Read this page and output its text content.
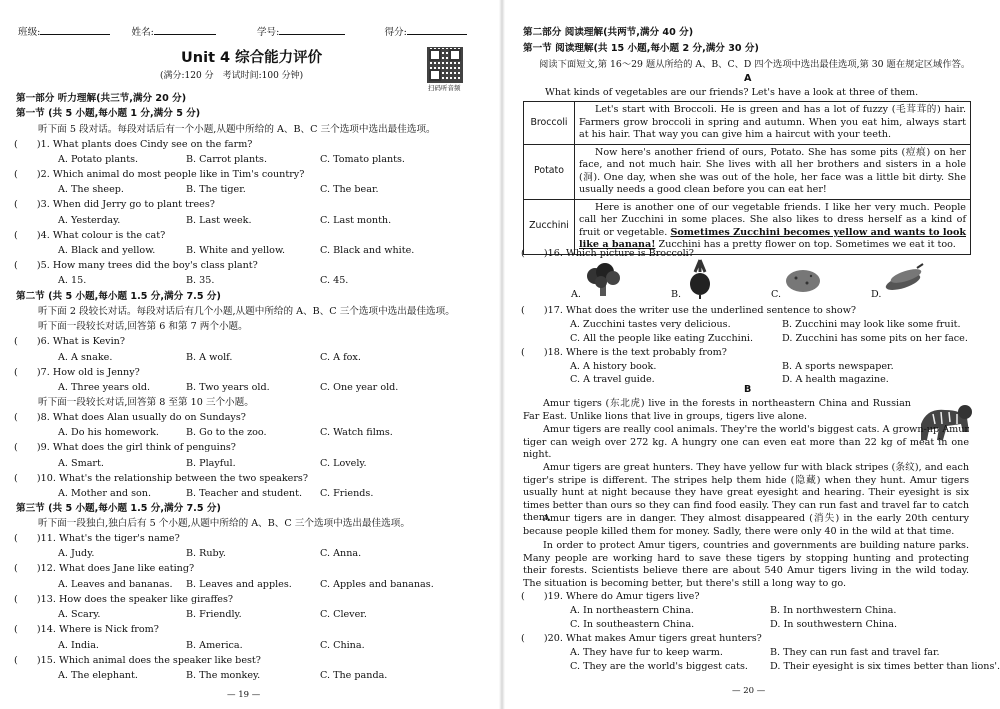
班级:	姓名:	学号:	得分:
Unit 4 综合能力评价
(满分:120 分　考试时间:100 分钟)
扫码听音频
第一部分 听力理解(共三节,满分 20 分)
第一节 (共 5 小题,每小题 1 分,满分 5 分)
听下面 5 段对话。每段对话后有一个小题,从题中所给的 A、B、C 三个选项中选出最佳选项。
(　　)1. What plants does Cindy see on the farm?
A. Potato plants.	B. Carrot plants.	C. Tomato plants.
(　　)2. Which animal do most people like in Tim's country?
A. The sheep.	B. The tiger.	C. The bear.
(　　)3. When did Jerry go to plant trees?
A. Yesterday.	B. Last week.	C. Last month.
(　　)4. What colour is the cat?
A. Black and yellow.	B. White and yellow.	C. Black and white.
(　　)5. How many trees did the boy's class plant?
A. 15.	B. 35.	C. 45.
第二节 (共 5 小题,每小题 1.5 分,满分 7.5 分)
听下面 2 段较长对话。每段对话后有几个小题,从题中所给的 A、B、C 三个选项中选出最佳选项。
听下面一段较长对话,回答第 6 和第 7 两个小题。
(　　)6. What is Kevin?
A. A snake.	B. A wolf.	C. A fox.
(　　)7. How old is Jenny?
A. Three years old.	B. Two years old.	C. One year old.
听下面一段较长对话,回答第 8 至第 10 三个小题。
(　　)8. What does Alan usually do on Sundays?
A. Do his homework.	B. Go to the zoo.	C. Watch films.
(　　)9. What does the girl think of penguins?
A. Smart.	B. Playful.	C. Lovely.
(　　)10. What's the relationship between the two speakers?
A. Mother and son.	B. Teacher and student. C. Friends.
第三节 (共 5 小题,每小题 1.5 分,满分 7.5 分)
听下面一段独白,独白后有 5 个小题,从题中所给的 A、B、C 三个选项中选出最佳选项。
(　　)11. What's the tiger's name?
A. Judy.	B. Ruby.	C. Anna.
(　　)12. What does Jane like eating?
A. Leaves and bananas. B. Leaves and apples.	C. Apples and bananas.
(　　)13. How does the speaker like giraffes?
A. Scary.	B. Friendly.	C. Clever.
(　　)14. Where is Nick from?
A. India.	B. America.	C. China.
(　　)15. Which animal does the speaker like best?
A. The elephant.	B. The monkey.	C. The panda.
— 19 —
第二部分 阅读理解(共两节,满分 40 分)
第一节 阅读理解(共 15 小题,每小题 2 分,满分 30 分)
阅读下面短文,第 16～29 题从所给的 A、B、C、D 四个选项中选出最佳选项,第 30 题在规定区域作答。
A
What kinds of vegetables are our friends? Let's have a look at three of them.
Broccoli	Let's start with Broccoli. He is green and has a lot of fuzzy (毛茸茸的) hair. Farmers grow broccoli in spring and autumn. When you eat him, always start at his hair. That way you can give him a haircut with your teeth.
Potato	Now here's another friend of ours, Potato. She has some pits (痘痕) on her face, and not much hair. She lives with all her brothers and sisters in a hole (洞). One day, when she was out of the hole, her face was a little bit dirty. She usually needs a good clean before you can eat her!
Zucchini	Here is another one of our vegetable friends. I like her very much. People call her Zucchini in some places. She also likes to dress herself as a kind of fruit or vegetable. Sometimes Zucchini becomes yellow and wants to look like a banana! Zucchini has a pretty flower on top. Sometimes we eat it too.
(　　)16. Which picture is Broccoli?
A.	B.	C.	D.
(　　)17. What does the writer use the underlined sentence to show?
A. Zucchini tastes very delicious.	B. Zucchini may look like some fruit.
C. All the people like eating Zucchini.	D. Zucchini has some pits on her face.
(　　)18. Where is the text probably from?
A. A history book.	B. A sports newspaper.
C. A travel guide.	D. A health magazine.
B
Amur tigers (东北虎) live in the forests in northeastern China and Russian Far East. Unlike lions that live in groups, tigers live alone.
Amur tigers are really cool animals. They're the world's biggest cats. A grown-up Amur tiger can weigh over 272 kg. A hungry one can even eat more than 22 kg of meat in one night.
Amur tigers are great hunters. They have yellow fur with black stripes (条纹), and each tiger's stripe is different. The stripes help them hide (隐藏) when they hunt. Amur tigers usually hunt at night because they have great eyesight and hearing. Their eyesight is six times better than ours so they can find food easily. They can run fast and travel far to catch them.
Amur tigers are in danger. They almost disappeared (消失) in the early 20th century because people killed them for money. Sadly, there were only 40 in the wild at that time.
In order to protect Amur tigers, countries and governments are building nature parks. Many people are working hard to save these tigers by stopping hunting and protecting their forests. Scientists believe there are about 540 Amur tigers living in the wild today. The situation is becoming better, but there's still a long way to go.
(　　)19. Where do Amur tigers live?
A. In northeastern China.	B. In northwestern China.
C. In southeastern China.	D. In southwestern China.
(　　)20. What makes Amur tigers great hunters?
A. They have fur to keep warm.	B. They can run fast and travel far.
C. They are the world's biggest cats. D. Their eyesight is six times better than lions'.
— 20 —
